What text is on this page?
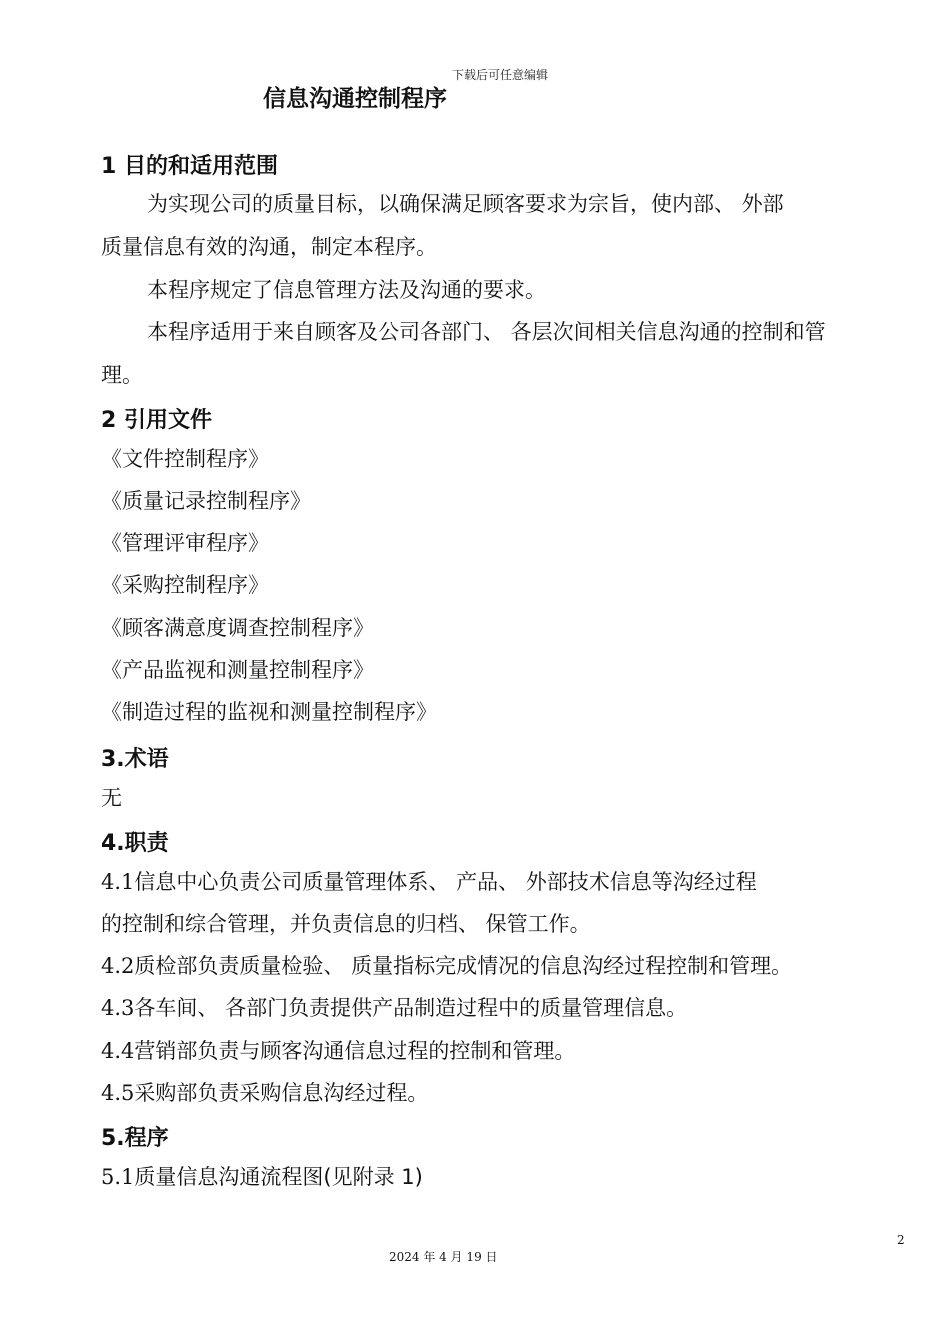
下载后可任意编辑
信息沟通控制程序
1 目的和适用范围
为实现公司的质量目标，以确保满足顾客要求为宗旨，使内部、 外部
质量信息有效的沟通，制定本程序。
本程序规定了信息管理方法及沟通的要求。
本程序适用于来自顾客及公司各部门、 各层次间相关信息沟通的控制和管
理。
2 引用文件
《文件控制程序》
《质量记录控制程序》
《管理评审程序》
《采购控制程序》
《顾客满意度调查控制程序》
《产品监视和测量控制程序》
《制造过程的监视和测量控制程序》
3.术语
无
4.职责
4.1信息中心负责公司质量管理体系、 产品、 外部技术信息等沟经过程
的控制和综合管理，并负责信息的归档、 保管工作。
4.2质检部负责质量检验、 质量指标完成情况的信息沟经过程控制和管理。
4.3各车间、 各部门负责提供产品制造过程中的质量管理信息。
4.4营销部负责与顾客沟通信息过程的控制和管理。
4.5采购部负责采购信息沟经过程。
5.程序
5.1质量信息沟通流程图(见附录 1)
2
2024 年 4 月 19 日
